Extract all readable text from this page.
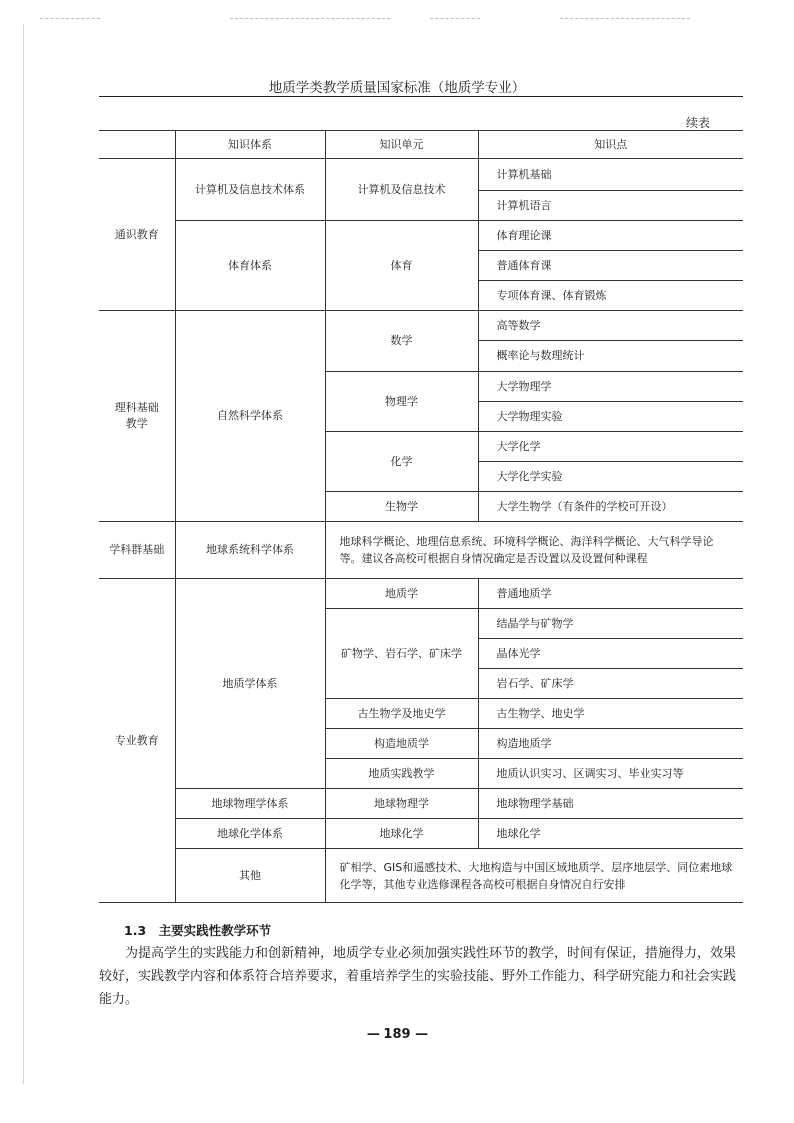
地质学类教学质量国家标准（地质学专业）
续表
	知识体系	知识单元	知识点
通识教育	计算机及信息技术体系	计算机及信息技术	计算机基础
			计算机语言
	体育体系	体育	体育理论课
			普通体育课
			专项体育课、体育锻炼
理科基础教学	自然科学体系	数学	高等数学
			概率论与数理统计
		物理学	大学物理学
			大学物理实验
		化学	大学化学
			大学化学实验
		生物学	大学生物学（有条件的学校可开设）
学科群基础	地球系统科学体系	地球科学概论、地理信息系统、环境科学概论、海洋科学概论、大气科学导论等。建议各高校可根据自身情况确定是否设置以及设置何种课程	
专业教育	地质学体系	地质学	普通地质学
		矿物学、岩石学、矿床学	结晶学与矿物学
			晶体光学
			岩石学、矿床学
		古生物学及地史学	古生物学、地史学
		构造地质学	构造地质学
		地质实践教学	地质认识实习、区调实习、毕业实习等
	地球物理学体系	地球物理学	地球物理学基础
	地球化学体系	地球化学	地球化学
	其他	矿相学、GIS和遥感技术、大地构造与中国区域地质学、层序地层学、同位素地球化学等，其他专业选修课程各高校可根据自身情况自行安排	
1.3　主要实践性教学环节

为提高学生的实践能力和创新精神，地质学专业必须加强实践性环节的教学，时间有保证，措施得力，效果较好，实践教学内容和体系符合培养要求，着重培养学生的实验技能、野外工作能力、科学研究能力和社会实践能力。

— 189 —
